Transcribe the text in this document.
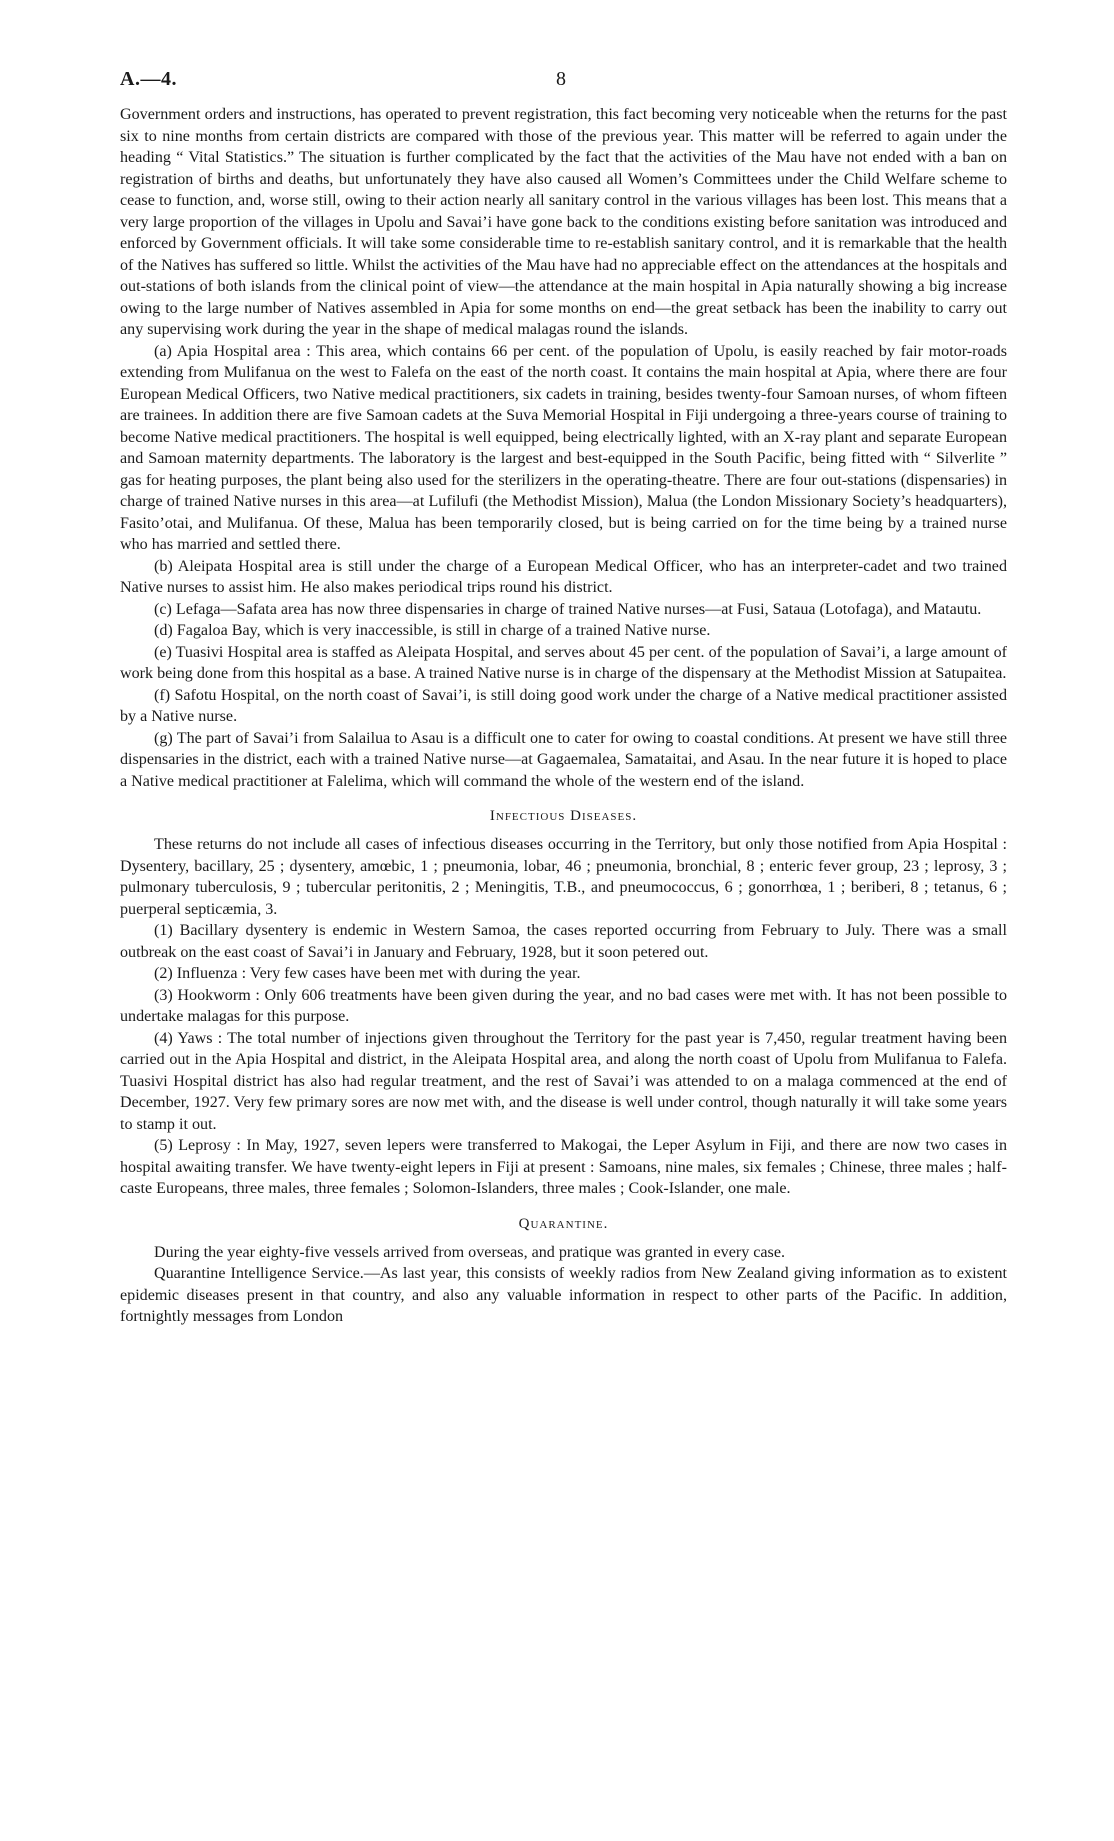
A.—4.	8

Government orders and instructions, has operated to prevent registration, this fact becoming very noticeable when the returns for the past six to nine months from certain districts are compared with those of the previous year. This matter will be referred to again under the heading “ Vital Statistics.” The situation is further complicated by the fact that the activities of the Mau have not ended with a ban on registration of births and deaths, but unfortunately they have also caused all Women’s Committees under the Child Welfare scheme to cease to function, and, worse still, owing to their action nearly all sanitary control in the various villages has been lost. This means that a very large proportion of the villages in Upolu and Savai’i have gone back to the conditions existing before sanitation was introduced and enforced by Government officials. It will take some considerable time to re-establish sanitary control, and it is remarkable that the health of the Natives has suffered so little. Whilst the activities of the Mau have had no appreciable effect on the attendances at the hospitals and out-stations of both islands from the clinical point of view—the attendance at the main hospital in Apia naturally showing a big increase owing to the large number of Natives assembled in Apia for some months on end—the great setback has been the inability to carry out any supervising work during the year in the shape of medical malagas round the islands.

(a) Apia Hospital area : This area, which contains 66 per cent. of the population of Upolu, is easily reached by fair motor-roads extending from Mulifanua on the west to Falefa on the east of the north coast. It contains the main hospital at Apia, where there are four European Medical Officers, two Native medical practitioners, six cadets in training, besides twenty-four Samoan nurses, of whom fifteen are trainees. In addition there are five Samoan cadets at the Suva Memorial Hospital in Fiji undergoing a three-years course of training to become Native medical practitioners. The hospital is well equipped, being electrically lighted, with an X-ray plant and separate European and Samoan maternity departments. The laboratory is the largest and best-equipped in the South Pacific, being fitted with “ Silverlite ” gas for heating purposes, the plant being also used for the sterilizers in the operating-theatre. There are four out-stations (dispensaries) in charge of trained Native nurses in this area—at Lufilufi (the Methodist Mission), Malua (the London Missionary Society’s headquarters), Fasito’otai, and Mulifanua. Of these, Malua has been temporarily closed, but is being carried on for the time being by a trained nurse who has married and settled there.

(b) Aleipata Hospital area is still under the charge of a European Medical Officer, who has an interpreter-cadet and two trained Native nurses to assist him. He also makes periodical trips round his district.

(c) Lefaga—Safata area has now three dispensaries in charge of trained Native nurses—at Fusi, Sataua (Lotofaga), and Matautu.

(d) Fagaloa Bay, which is very inaccessible, is still in charge of a trained Native nurse.

(e) Tuasivi Hospital area is staffed as Aleipata Hospital, and serves about 45 per cent. of the population of Savai’i, a large amount of work being done from this hospital as a base. A trained Native nurse is in charge of the dispensary at the Methodist Mission at Satupaitea.

(f) Safotu Hospital, on the north coast of Savai’i, is still doing good work under the charge of a Native medical practitioner assisted by a Native nurse.

(g) The part of Savai’i from Salailua to Asau is a difficult one to cater for owing to coastal conditions. At present we have still three dispensaries in the district, each with a trained Native nurse—at Gagaemalea, Samataitai, and Asau. In the near future it is hoped to place a Native medical practitioner at Falelima, which will command the whole of the western end of the island.

Infectious Diseases.

These returns do not include all cases of infectious diseases occurring in the Territory, but only those notified from Apia Hospital : Dysentery, bacillary, 25 ; dysentery, amœbic, 1 ; pneumonia, lobar, 46 ; pneumonia, bronchial, 8 ; enteric fever group, 23 ; leprosy, 3 ; pulmonary tuberculosis, 9 ; tubercular peritonitis, 2 ; Meningitis, T.B., and pneumococcus, 6 ; gonorrhœa, 1 ; beriberi, 8 ; tetanus, 6 ; puerperal septicæmia, 3.

(1) Bacillary dysentery is endemic in Western Samoa, the cases reported occurring from February to July. There was a small outbreak on the east coast of Savai’i in January and February, 1928, but it soon petered out.

(2) Influenza : Very few cases have been met with during the year.

(3) Hookworm : Only 606 treatments have been given during the year, and no bad cases were met with. It has not been possible to undertake malagas for this purpose.

(4) Yaws : The total number of injections given throughout the Territory for the past year is 7,450, regular treatment having been carried out in the Apia Hospital and district, in the Aleipata Hospital area, and along the north coast of Upolu from Mulifanua to Falefa. Tuasivi Hospital district has also had regular treatment, and the rest of Savai’i was attended to on a malaga commenced at the end of December, 1927. Very few primary sores are now met with, and the disease is well under control, though naturally it will take some years to stamp it out.

(5) Leprosy : In May, 1927, seven lepers were transferred to Makogai, the Leper Asylum in Fiji, and there are now two cases in hospital awaiting transfer. We have twenty-eight lepers in Fiji at present : Samoans, nine males, six females ; Chinese, three males ; half-caste Europeans, three males, three females ; Solomon-Islanders, three males ; Cook-Islander, one male.

Quarantine.

During the year eighty-five vessels arrived from overseas, and pratique was granted in every case.

Quarantine Intelligence Service.—As last year, this consists of weekly radios from New Zealand giving information as to existent epidemic diseases present in that country, and also any valuable information in respect to other parts of the Pacific. In addition, fortnightly messages from London
